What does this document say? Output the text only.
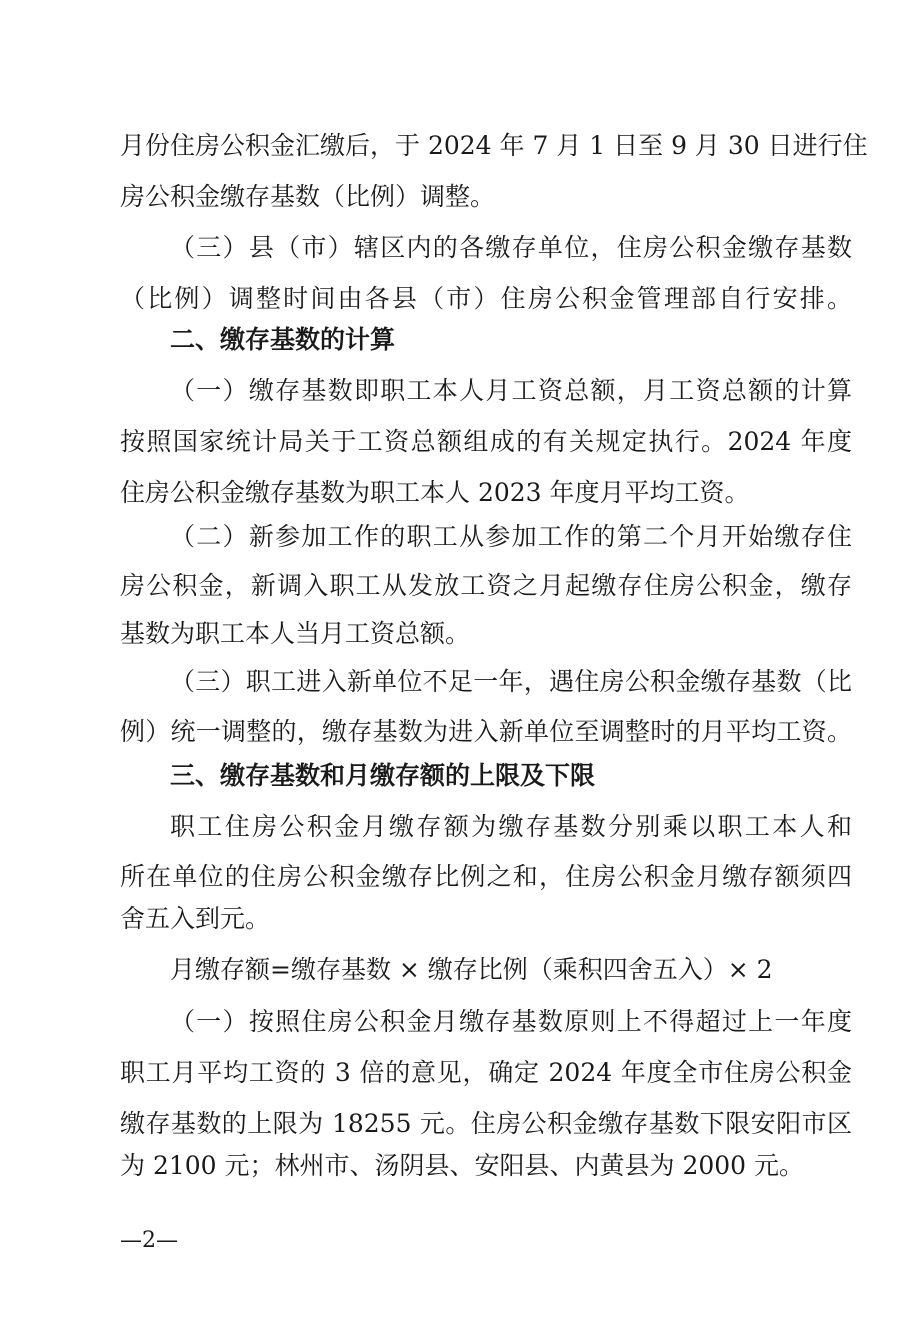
月份住房公积金汇缴后，于 2024 年 7 月 1 日至 9 月 30 日进行住
房公积金缴存基数（比例）调整。
（三）县（市）辖区内的各缴存单位，住房公积金缴存基数
（比例）调整时间由各县（市）住房公积金管理部自行安排。
二、缴存基数的计算
（一）缴存基数即职工本人月工资总额，月工资总额的计算
按照国家统计局关于工资总额组成的有关规定执行。2024 年度
住房公积金缴存基数为职工本人 2023 年度月平均工资。
（二）新参加工作的职工从参加工作的第二个月开始缴存住
房公积金，新调入职工从发放工资之月起缴存住房公积金，缴存
基数为职工本人当月工资总额。
（三）职工进入新单位不足一年，遇住房公积金缴存基数（比
例）统一调整的，缴存基数为进入新单位至调整时的月平均工资。
三、缴存基数和月缴存额的上限及下限
职工住房公积金月缴存额为缴存基数分别乘以职工本人和
所在单位的住房公积金缴存比例之和，住房公积金月缴存额须四
舍五入到元。
月缴存额=缴存基数 × 缴存比例（乘积四舍五入）× 2
（一）按照住房公积金月缴存基数原则上不得超过上一年度
职工月平均工资的 3 倍的意见，确定 2024 年度全市住房公积金
缴存基数的上限为 18255 元。住房公积金缴存基数下限安阳市区
为 2100 元；林州市、汤阴县、安阳县、内黄县为 2000 元。
—2—
